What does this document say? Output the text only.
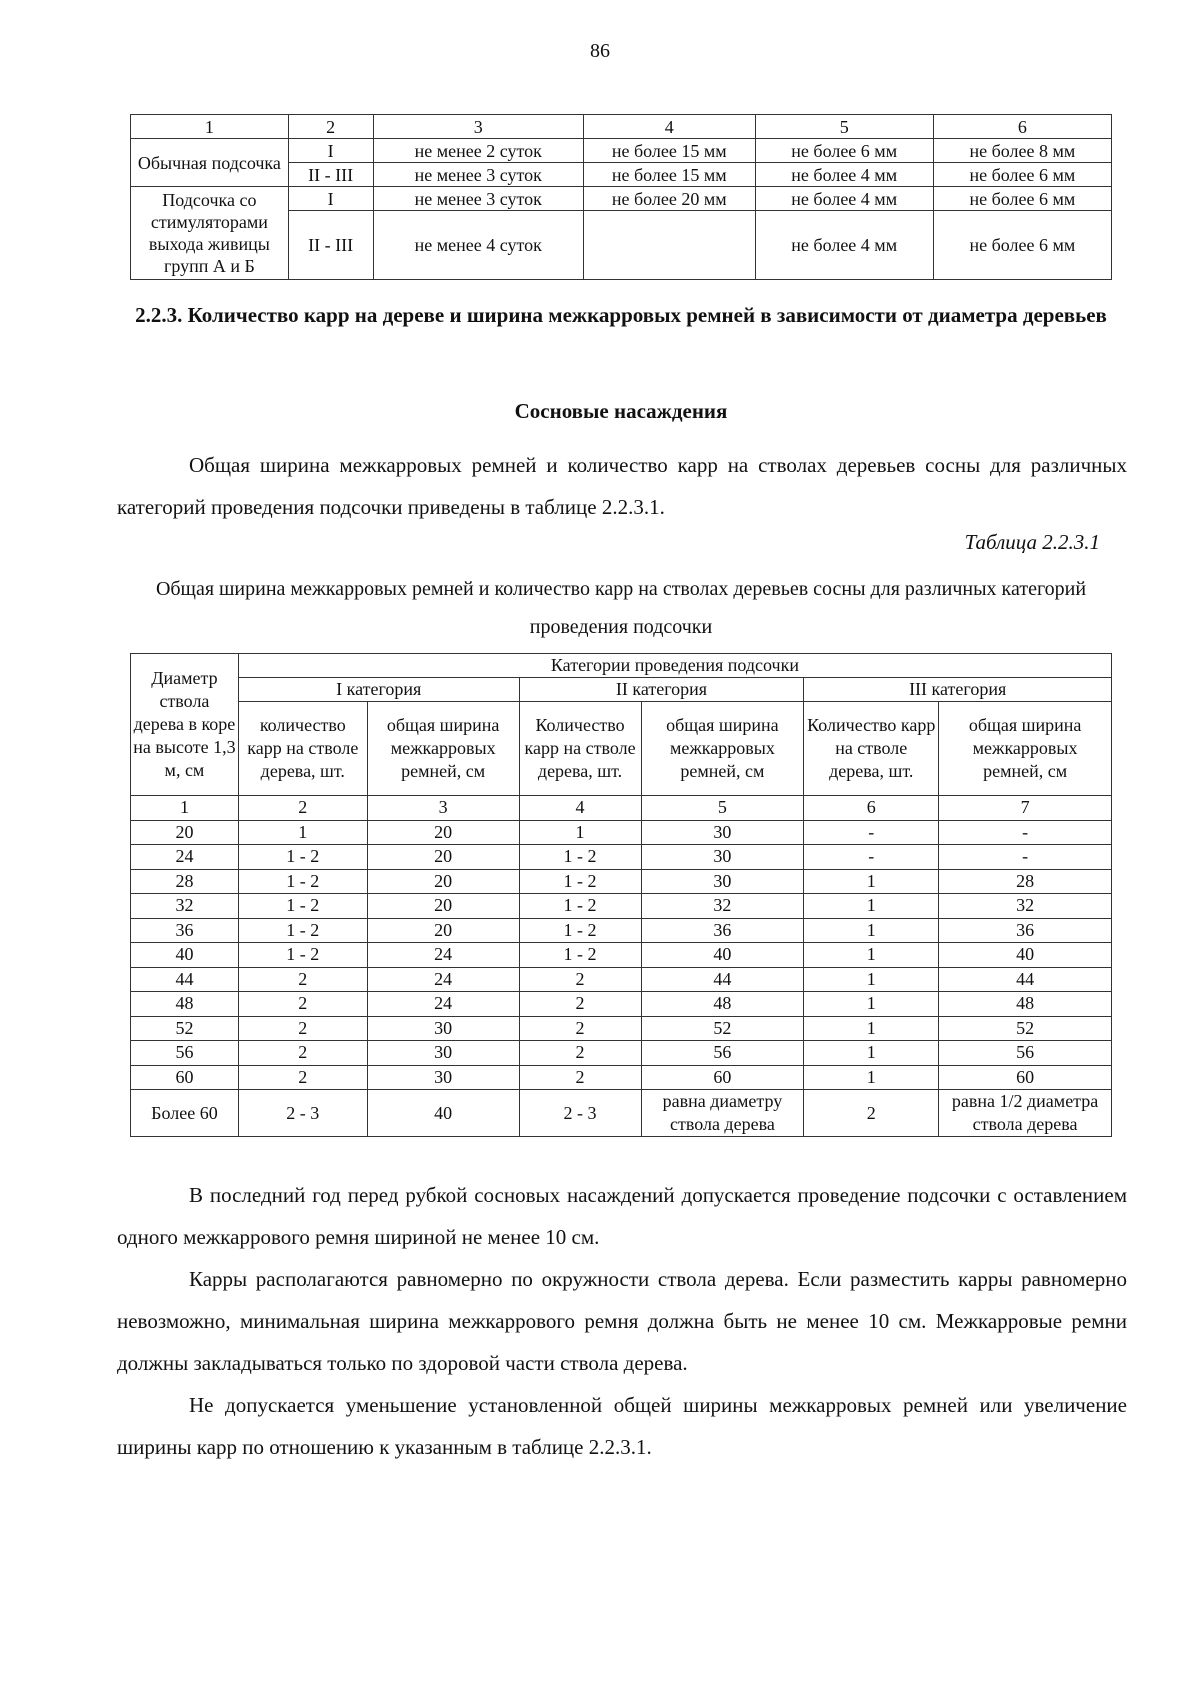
86
1	2	3	4	5	6
Обычная подсочка	I	не менее 2 суток	не более 15 мм	не более 6 мм	не более 8 мм
	II - III	не менее 3 суток	не более 15 мм	не более 4 мм	не более 6 мм
Подсочка со стимуляторами выхода живицы групп А и Б	I	не менее 3 суток	не более 20 мм	не более 4 мм	не более 6 мм
	II - III	не менее 4 суток		не более 4 мм	не более 6 мм
2.2.3. Количество карр на дереве и ширина межкарровых ремней в зависимости от диаметра деревьев
Сосновые насаждения
Общая ширина межкарровых ремней и количество карр на стволах деревьев сосны для различных категорий проведения подсочки приведены в таблице 2.2.3.1.
Таблица 2.2.3.1
Общая ширина межкарровых ремней и количество карр на стволах деревьев сосны для различных категорий проведения подсочки
Диаметр ствола дерева в коре на высоте 1,3 м, см	Категории проведения подсочки					
	I категория		II категория		III категория	
	количество карр на стволе дерева, шт.	общая ширина межкарровых ремней, см	Количество карр на стволе дерева, шт.	общая ширина межкарровых ремней, см	Количество карр на стволе дерева, шт.	общая ширина межкарровых ремней, см
1	2	3	4	5	6	7
20	1	20	1	30	-	-
24	1 - 2	20	1 - 2	30	-	-
28	1 - 2	20	1 - 2	30	1	28
32	1 - 2	20	1 - 2	32	1	32
36	1 - 2	20	1 - 2	36	1	36
40	1 - 2	24	1 - 2	40	1	40
44	2	24	2	44	1	44
48	2	24	2	48	1	48
52	2	30	2	52	1	52
56	2	30	2	56	1	56
60	2	30	2	60	1	60
Более 60	2 - 3	40	2 - 3	равна диаметру ствола дерева	2	равна 1/2 диаметра ствола дерева
В последний год перед рубкой сосновых насаждений допускается проведение подсочки с оставлением одного межкаррового ремня шириной не менее 10 см.
Карры располагаются равномерно по окружности ствола дерева. Если разместить карры равномерно невозможно, минимальная ширина межкаррового ремня должна быть не менее 10 см. Межкарровые ремни должны закладываться только по здоровой части ствола дерева.
Не допускается уменьшение установленной общей ширины межкарровых ремней или увеличение ширины карр по отношению к указанным в таблице 2.2.3.1.
